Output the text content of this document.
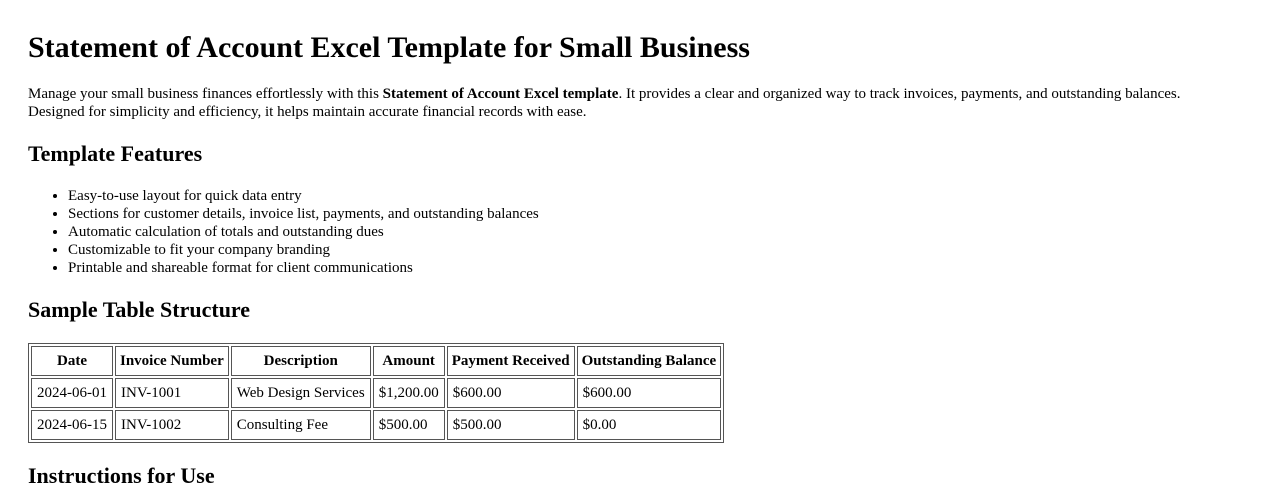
Statement of Account Excel Template for Small Business

Manage your small business finances effortlessly with this Statement of Account Excel template. It provides a clear and organized way to track invoices, payments, and outstanding balances. Designed for simplicity and efficiency, it helps maintain accurate financial records with ease.

Template Features
• Easy-to-use layout for quick data entry
• Sections for customer details, invoice list, payments, and outstanding balances
• Automatic calculation of totals and outstanding dues
• Customizable to fit your company branding
• Printable and shareable format for client communications
Sample Table Structure
Date	Invoice Number	Description	Amount	Payment Received	Outstanding Balance
2024-06-01	INV-1001	Web Design Services	$1,200.00	$600.00	$600.00
2024-06-15	INV-1002	Consulting Fee	$500.00	$500.00	$0.00
Instructions for Use
